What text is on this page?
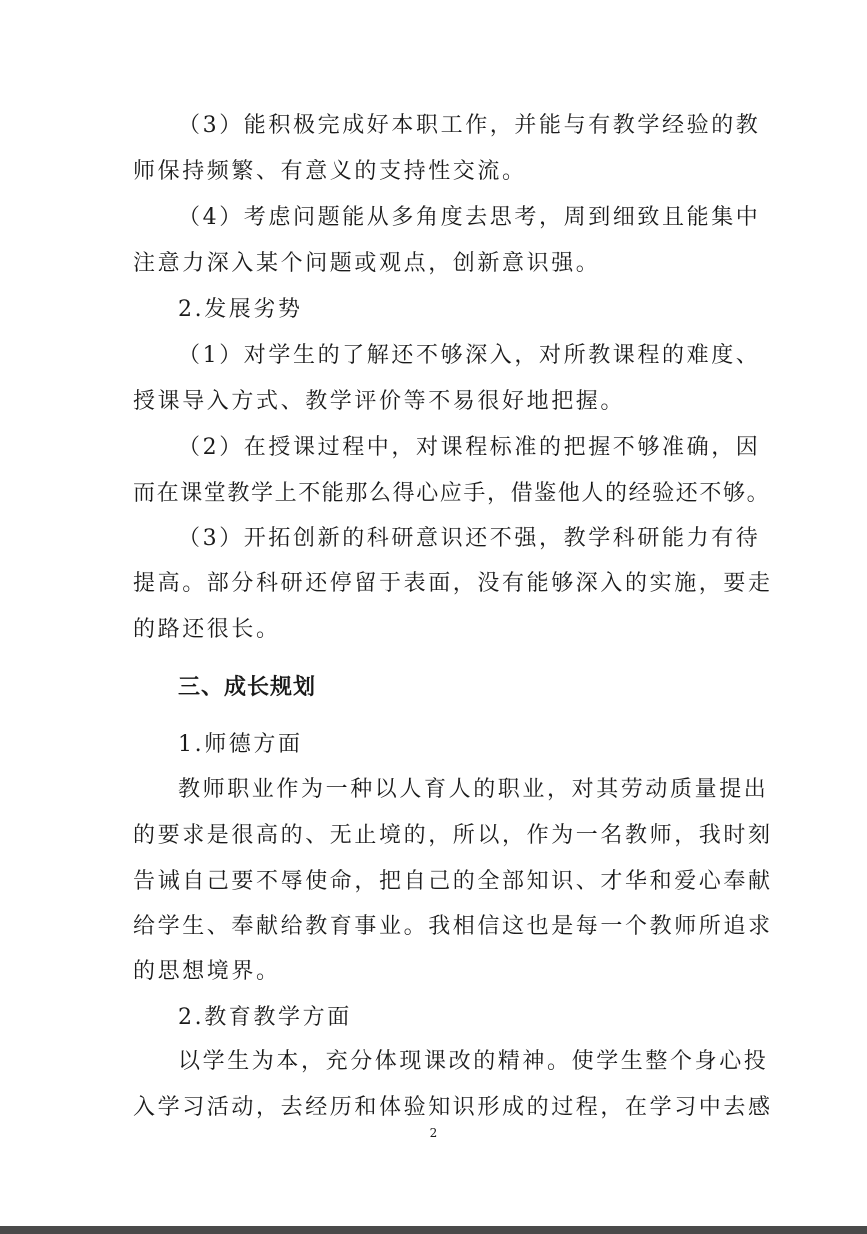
（3）能积极完成好本职工作，并能与有教学经验的教
师保持频繁、有意义的支持性交流。
（4）考虑问题能从多角度去思考，周到细致且能集中
注意力深入某个问题或观点，创新意识强。
2.发展劣势
（1）对学生的了解还不够深入，对所教课程的难度、
授课导入方式、教学评价等不易很好地把握。
（2）在授课过程中，对课程标准的把握不够准确，因
而在课堂教学上不能那么得心应手，借鉴他人的经验还不够。
（3）开拓创新的科研意识还不强，教学科研能力有待
提高。部分科研还停留于表面，没有能够深入的实施，要走
的路还很长。
三、成长规划
1.师德方面
教师职业作为一种以人育人的职业，对其劳动质量提出
的要求是很高的、无止境的，所以，作为一名教师，我时刻
告诫自己要不辱使命，把自己的全部知识、才华和爱心奉献
给学生、奉献给教育事业。我相信这也是每一个教师所追求
的思想境界。
2.教育教学方面
以学生为本，充分体现课改的精神。使学生整个身心投
入学习活动，去经历和体验知识形成的过程，在学习中去感
2
